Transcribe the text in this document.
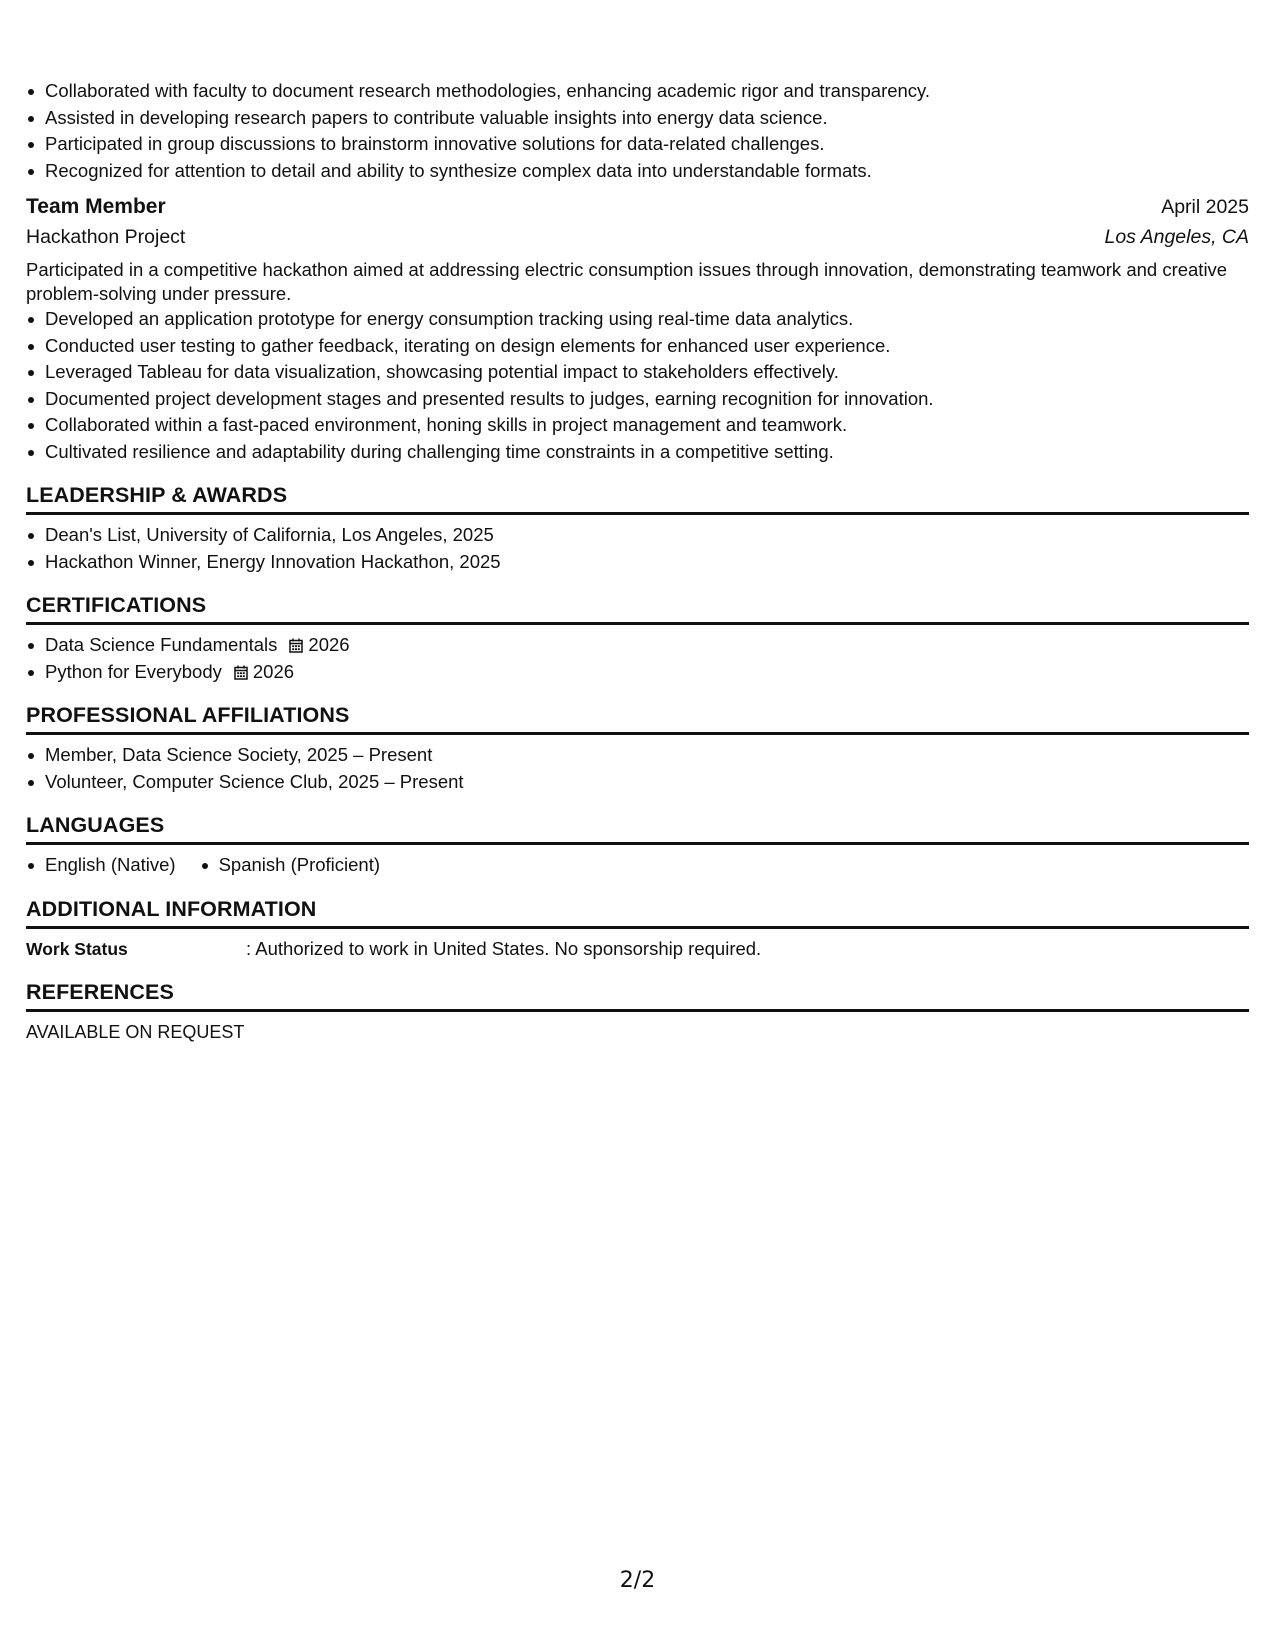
Collaborated with faculty to document research methodologies, enhancing academic rigor and transparency.
Assisted in developing research papers to contribute valuable insights into energy data science.
Participated in group discussions to brainstorm innovative solutions for data-related challenges.
Recognized for attention to detail and ability to synthesize complex data into understandable formats.
Team Member	April 2025
Hackathon Project	Los Angeles, CA
Participated in a competitive hackathon aimed at addressing electric consumption issues through innovation, demonstrating teamwork and creative problem-solving under pressure.
Developed an application prototype for energy consumption tracking using real-time data analytics.
Conducted user testing to gather feedback, iterating on design elements for enhanced user experience.
Leveraged Tableau for data visualization, showcasing potential impact to stakeholders effectively.
Documented project development stages and presented results to judges, earning recognition for innovation.
Collaborated within a fast-paced environment, honing skills in project management and teamwork.
Cultivated resilience and adaptability during challenging time constraints in a competitive setting.
LEADERSHIP & AWARDS
Dean's List, University of California, Los Angeles, 2025
Hackathon Winner, Energy Innovation Hackathon, 2025
CERTIFICATIONS
Data Science Fundamentals 2026
Python for Everybody 2026
PROFESSIONAL AFFILIATIONS
Member, Data Science Society, 2025 – Present
Volunteer, Computer Science Club, 2025 – Present
LANGUAGES
English (Native)	Spanish (Proficient)
ADDITIONAL INFORMATION
Work Status	: Authorized to work in United States. No sponsorship required.
REFERENCES
AVAILABLE ON REQUEST
2/2
